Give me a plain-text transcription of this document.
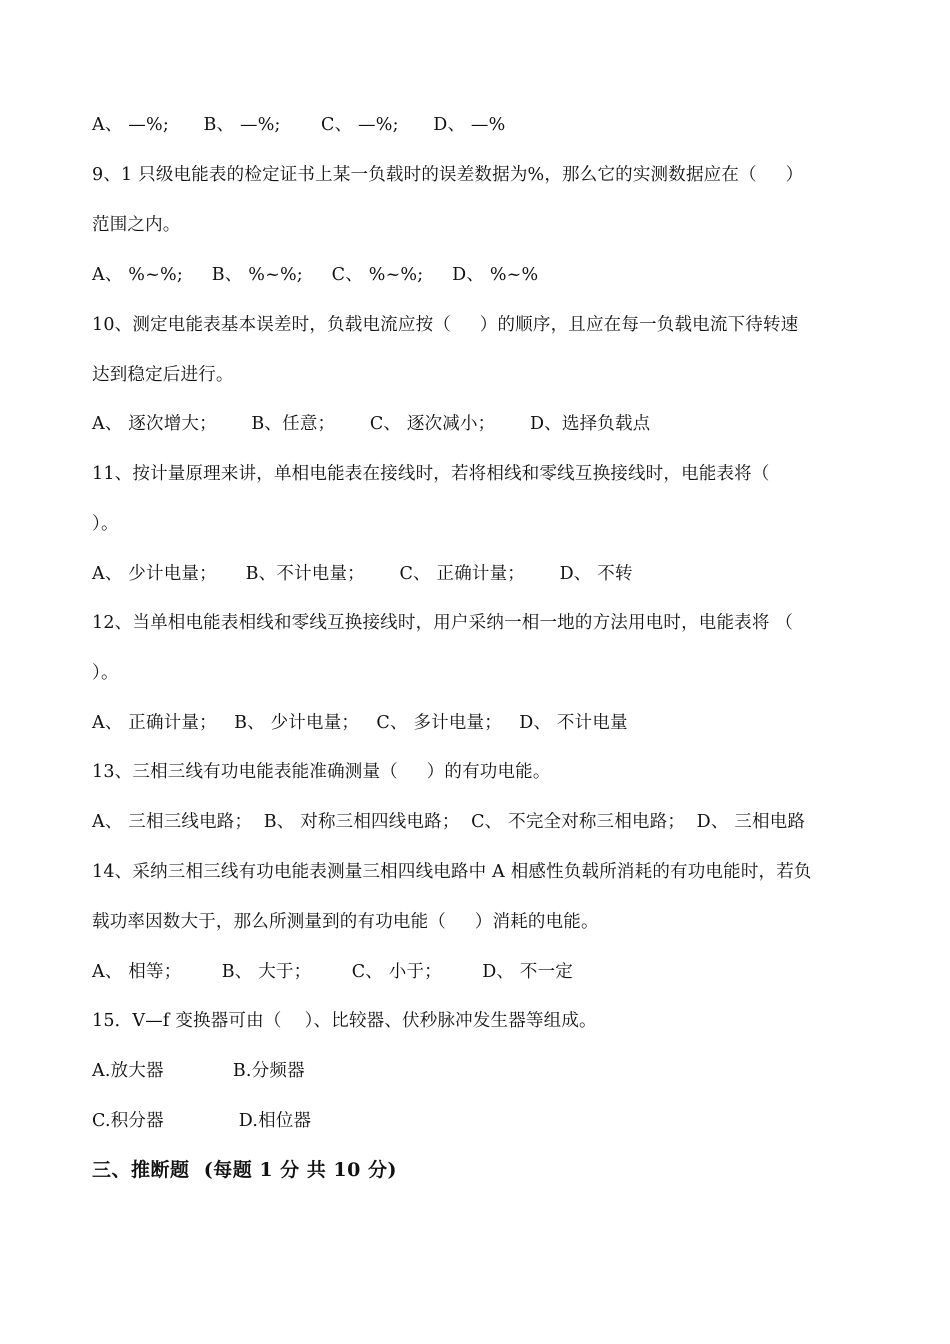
A、 —%;      B、 —%;       C、 —%;      D、 —%
9、1 只级电能表的检定证书上某一负载时的误差数据为%，那么它的实测数据应在（     ）
范围之内。
A、 %~%;     B、 %~%;     C、 %~%;     D、 %~%
10、测定电能表基本误差时，负载电流应按（     ）的顺序，且应在每一负载电流下待转速
达到稳定后进行。
A、 逐次增大；      B、任意；      C、 逐次减小；      D、选择负载点
11、按计量原理来讲，单相电能表在接线时，若将相线和零线互换接线时，电能表将（
）。
A、 少计电量；     B、不计电量；      C、 正确计量；      D、 不转
12、当单相电能表相线和零线互换接线时，用户采纳一相一地的方法用电时，电能表将 （
）。
A、 正确计量；   B、 少计电量；   C、 多计电量；   D、 不计电量
13、三相三线有功电能表能准确测量（     ）的有功电能。
A、 三相三线电路；  B、 对称三相四线电路；  C、 不完全对称三相电路；  D、 三相电路
14、采纳三相三线有功电能表测量三相四线电路中 A 相感性负载所消耗的有功电能时，若负
载功率因数大于，那么所测量到的有功电能（     ）消耗的电能。
A、 相等；       B、 大于；       C、 小于；       D、 不一定
15．V—f 变换器可由（    ）、比较器、伏秒脉冲发生器等组成。
A.放大器            B.分频器
C.积分器             D.相位器
三、推断题  (每题 1 分 共 10 分)
